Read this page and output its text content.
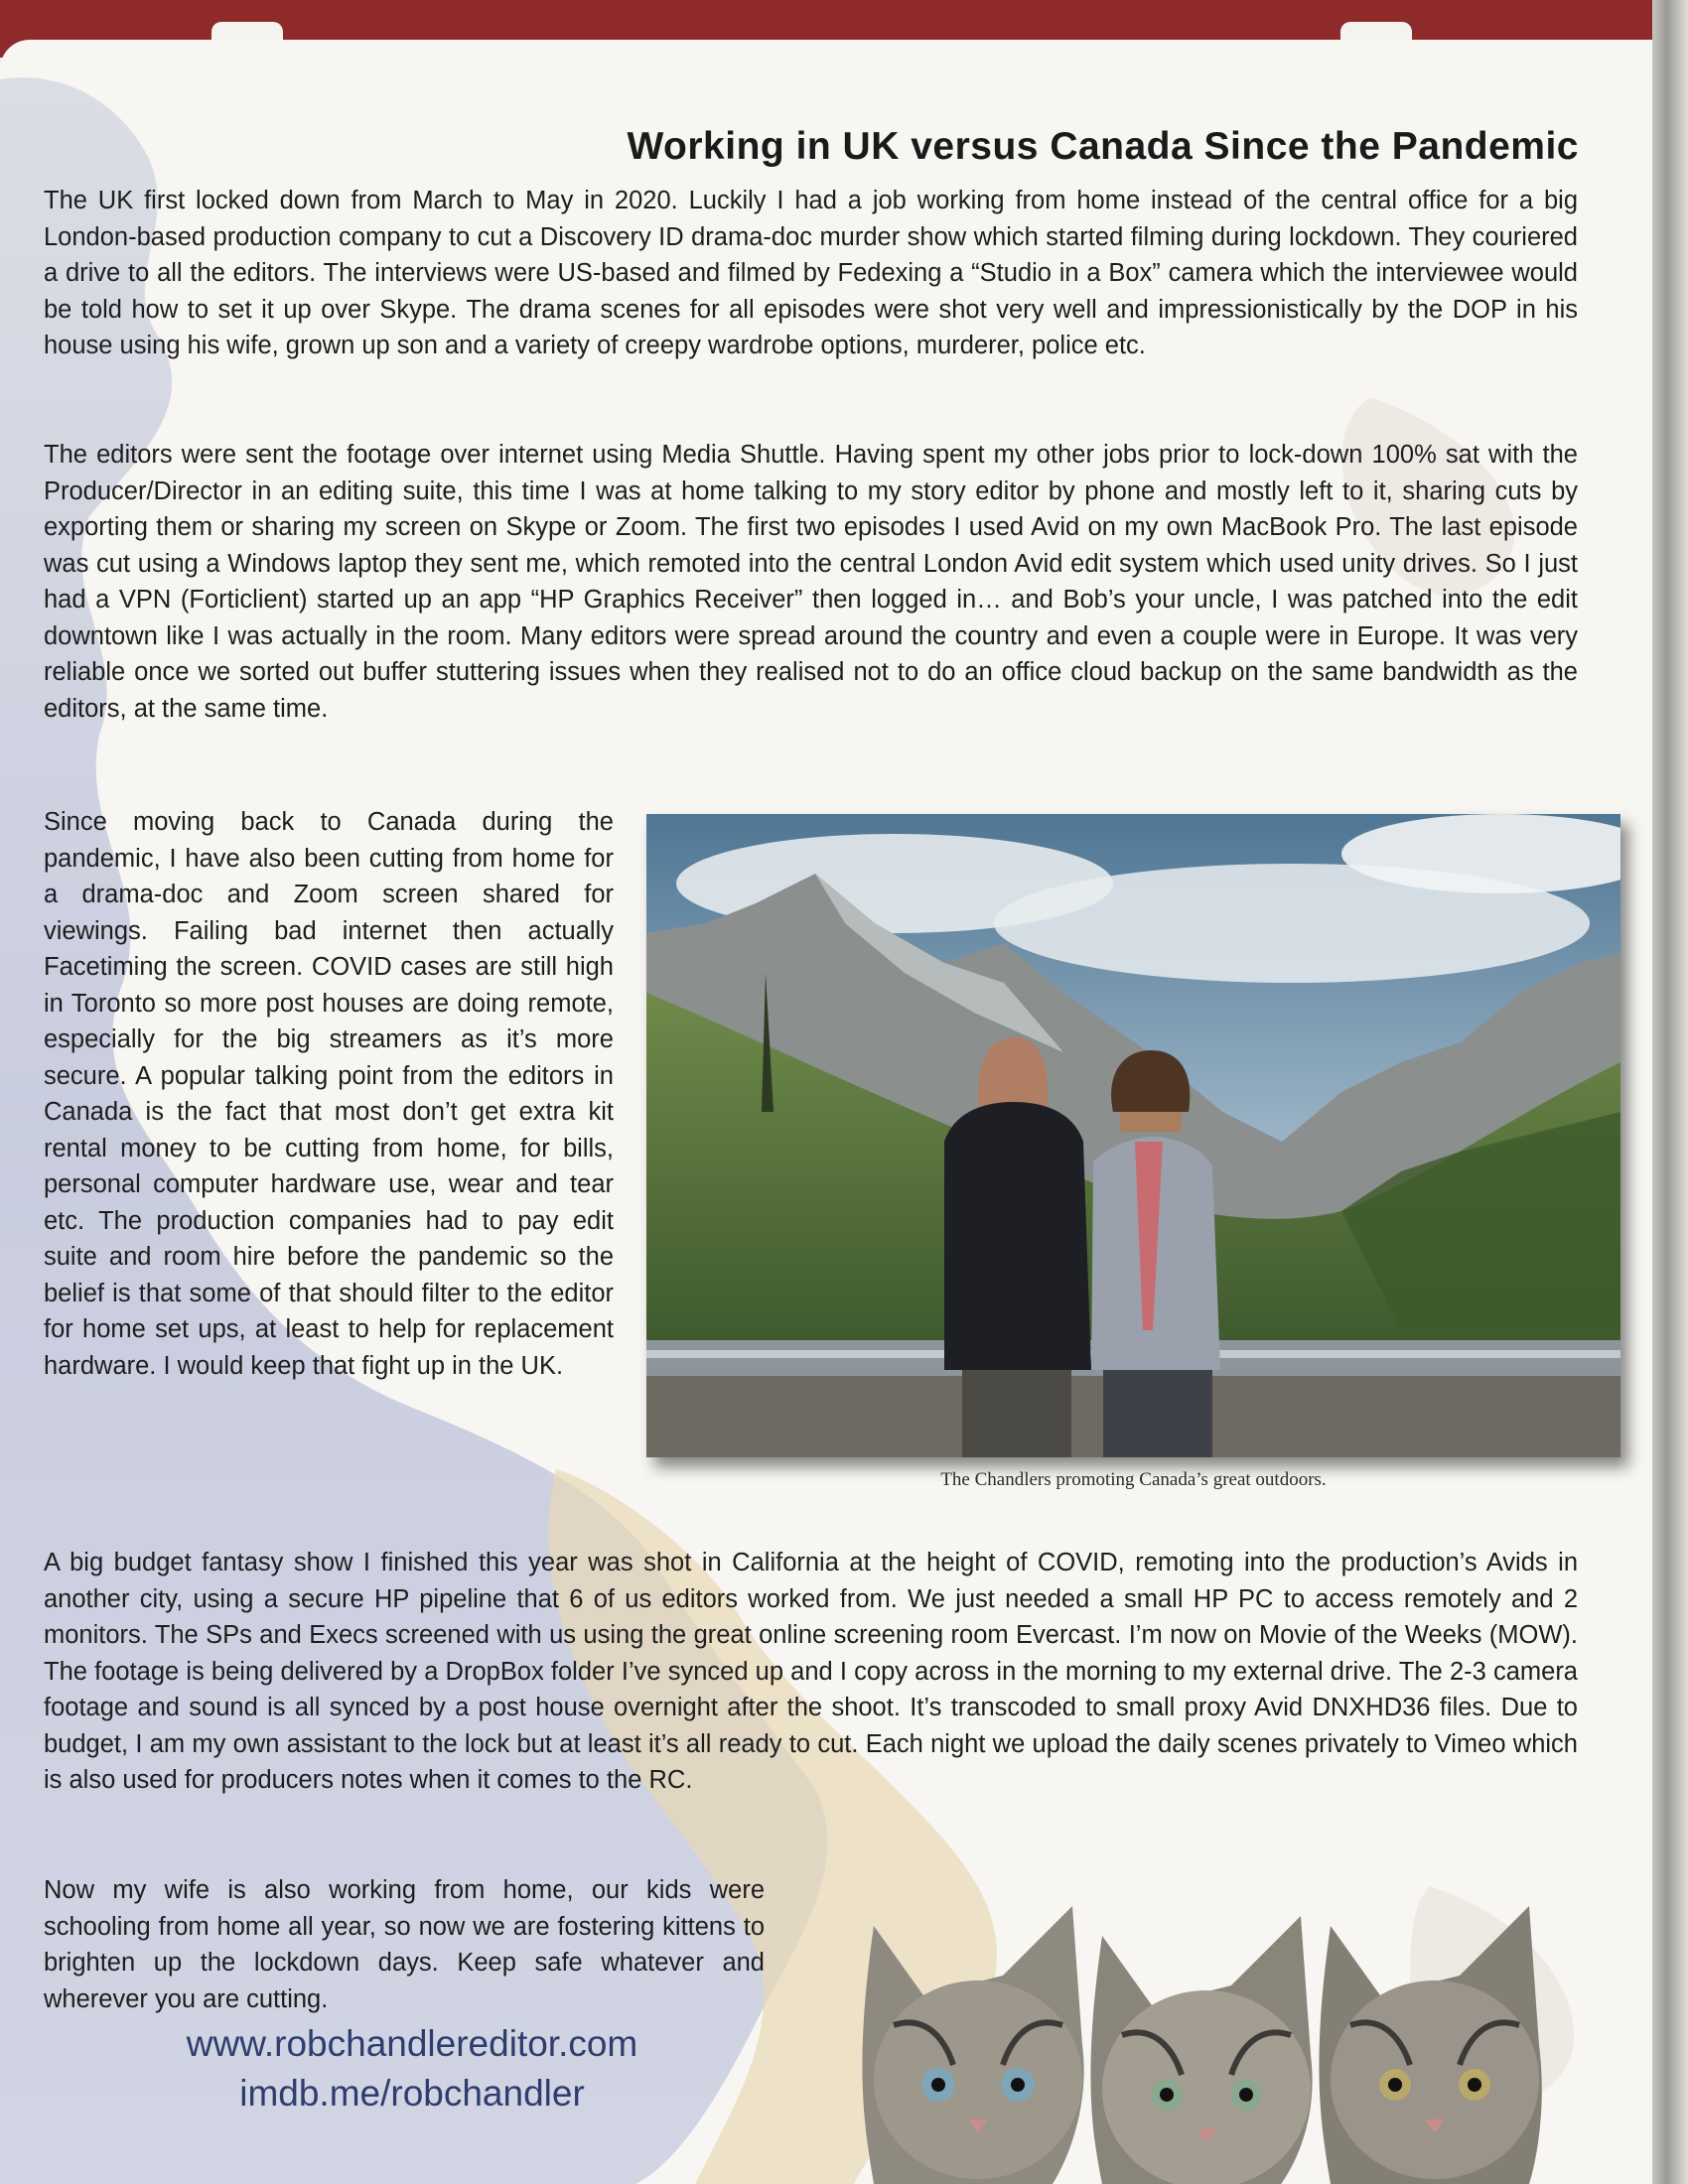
Working in UK versus Canada Since the Pandemic

The UK first locked down from March to May in 2020. Luckily I had a job working from home instead of the central office for a big London-based production company to cut a Discovery ID drama-doc murder show which started filming during lockdown. They couriered a drive to all the editors. The interviews were US-based and filmed by Fedexing a “Studio in a Box” camera which the interviewee would be told how to set it up over Skype. The drama scenes for all episodes were shot very well and impressionistically by the DOP in his house using his wife, grown up son and a variety of creepy wardrobe options, murderer, police etc.

The editors were sent the footage over internet using Media Shuttle. Having spent my other jobs prior to lock-down 100% sat with the Producer/Director in an editing suite, this time I was at home talking to my story editor by phone and mostly left to it, sharing cuts by exporting them or sharing my screen on Skype or Zoom. The first two episodes I used Avid on my own MacBook Pro. The last episode was cut using a Windows laptop they sent me, which remoted into the central London Avid edit system which used unity drives. So I just had a VPN (Forticlient) started up an app “HP Graphics Receiver” then logged in… and Bob’s your uncle, I was patched into the edit downtown like I was actually in the room. Many editors were spread around the country and even a couple were in Europe. It was very reliable once we sorted out buffer stuttering issues when they realised not to do an office cloud backup on the same bandwidth as the editors, at the same time.

Since moving back to Canada during the pandemic, I have also been cutting from home for a drama-doc and Zoom screen shared for viewings. Failing bad internet then actually Facetiming the screen. COVID cases are still high in Toronto so more post houses are doing remote, especially for the big streamers as it’s more secure. A popular talking point from the editors in Canada is the fact that most don’t get extra kit rental money to be cutting from home, for bills, personal computer hardware use, wear and tear etc. The production companies had to pay edit suite and room hire before the pandemic so the belief is that some of that should filter to the editor for home set ups, at least to help for replacement hardware. I would keep that fight up in the UK.

The Chandlers promoting Canada’s great outdoors.

A big budget fantasy show I finished this year was shot in California at the height of COVID, remoting into the production’s Avids in another city, using a secure HP pipeline that 6 of us editors worked from. We just needed a small HP PC to access remotely and 2 monitors. The SPs and Execs screened with us using the great online screening room Evercast. I’m now on Movie of the Weeks (MOW). The footage is being delivered by a DropBox folder I’ve synced up and I copy across in the morning to my external drive. The 2-3 camera footage and sound is all synced by a post house overnight after the shoot. It’s transcoded to small proxy Avid DNXHD36 files. Due to budget, I am my own assistant to the lock but at least it’s all ready to cut. Each night we upload the daily scenes privately to Vimeo which is also used for producers notes when it comes to the RC.

Now my wife is also working from home, our kids were schooling from home all year, so now we are fostering kittens to brighten up the lockdown days. Keep safe whatever and wherever you are cutting.

www.robchandlereditor.com
imdb.me/robchandler
